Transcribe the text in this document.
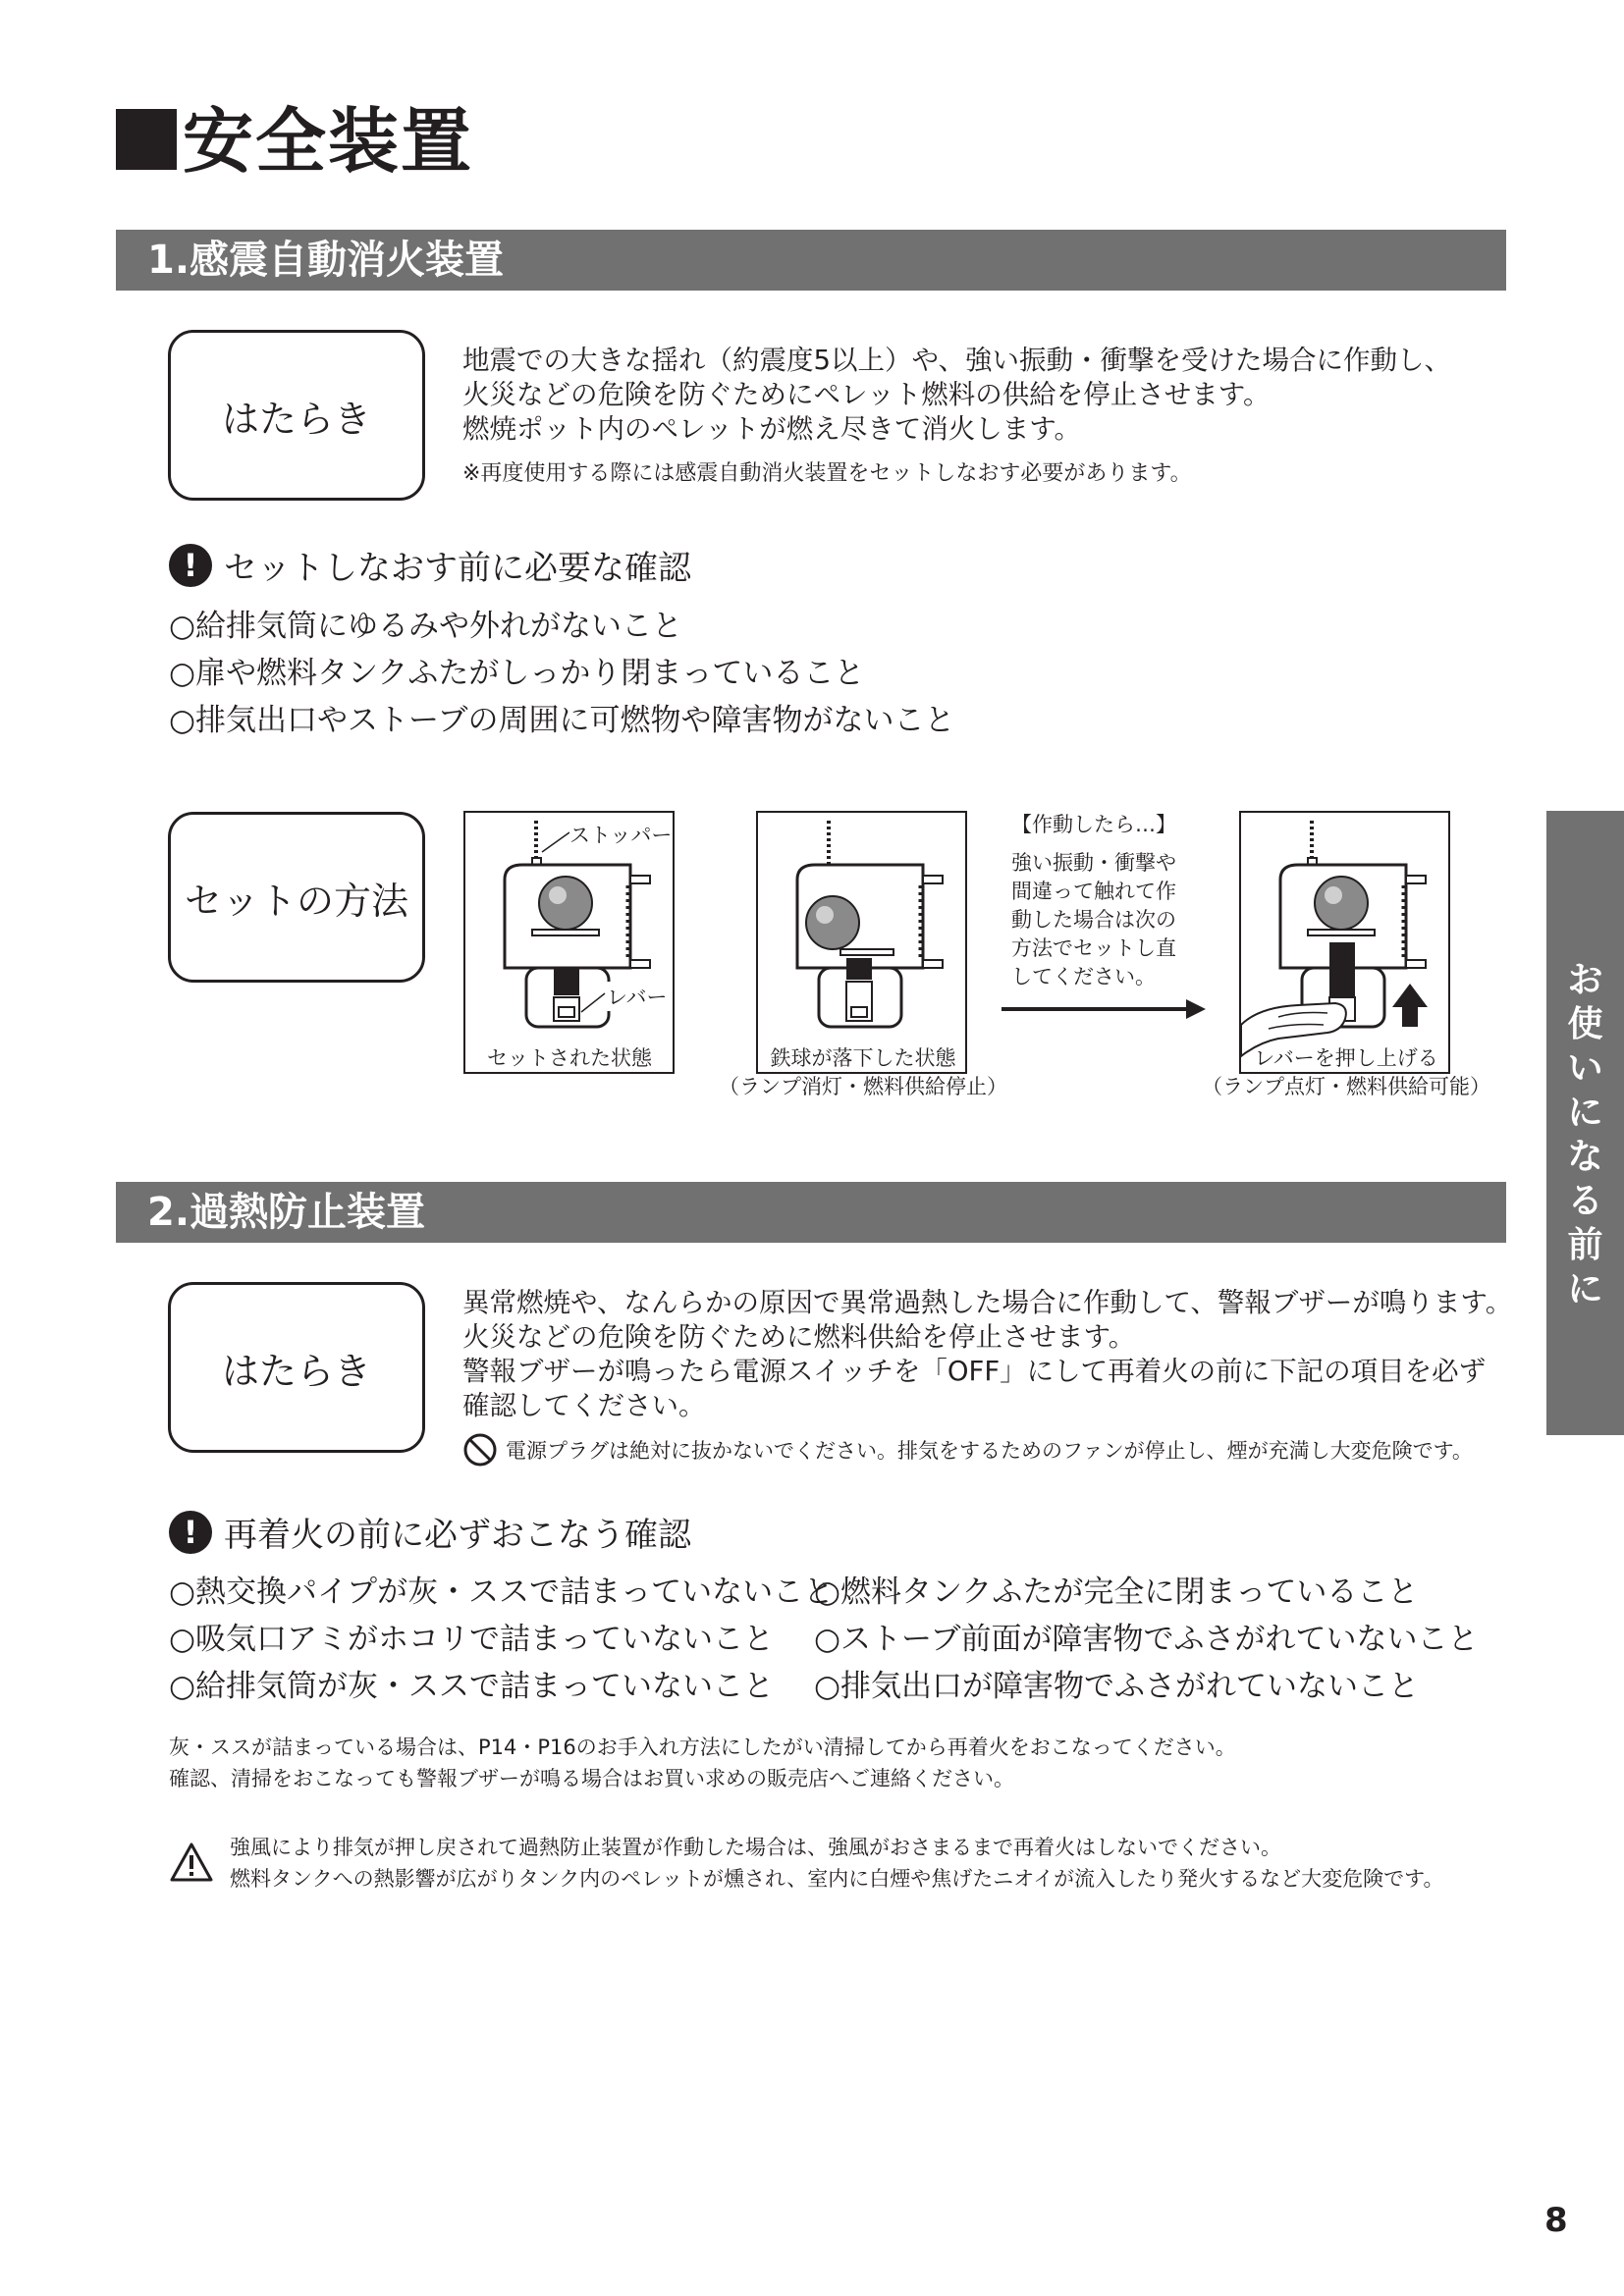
安全装置
1.感震自動消火装置
はたらき

地震での大きな揺れ（約震度5以上）や、強い振動・衝撃を受けた場合に作動し、

火災などの危険を防ぐためにペレット燃料の供給を停止させます。

燃焼ポット内のペレットが燃え尽きて消火します。

※再度使用する際には感震自動消火装置をセットしなおす必要があります。

! セットしなおす前に必要な確認
○給排気筒にゆるみや外れがないこと
○扉や燃料タンクふたがしっかり閉まっていること
○排気出口やストーブの周囲に可燃物や障害物がないこと
セットの方法
ストッパー
レバー
セットされた状態	鉄球が落下した状態
（ランプ消灯・燃料供給停止）
【作動したら…】
強い振動・衝撃や
間違って触れて作
動した場合は次の
方法でセットし直
してください。
レバーを押し上げる
（ランプ点灯・燃料供給可能）
2.過熱防止装置
はたらき

異常燃焼や、なんらかの原因で異常過熱した場合に作動して、警報ブザーが鳴ります。

火災などの危険を防ぐために燃料供給を停止させます。

警報ブザーが鳴ったら電源スイッチを「OFF」にして再着火の前に下記の項目を必ず

確認してください。

電源プラグは絶対に抜かないでください。排気をするためのファンが停止し、煙が充満し大変危険です。
! 再着火の前に必ずおこなう確認
○熱交換パイプが灰・ススで詰まっていないこと
○吸気口アミがホコリで詰まっていないこと
○給排気筒が灰・ススで詰まっていないこと
○燃料タンクふたが完全に閉まっていること
○ストーブ前面が障害物でふさがれていないこと
○排気出口が障害物でふさがれていないこと
灰・ススが詰まっている場合は、P14・P16のお手入れ方法にしたがい清掃してから再着火をおこなってください。
確認、清掃をおこなっても警報ブザーが鳴る場合はお買い求めの販売店へご連絡ください。
強風により排気が押し戻されて過熱防止装置が作動した場合は、強風がおさまるまで再着火はしないでください。
燃料タンクへの熱影響が広がりタンク内のペレットが燻され、室内に白煙や焦げたニオイが流入したり発火するなど大変危険です。
お
使
い
に
な
る
前
に
8
